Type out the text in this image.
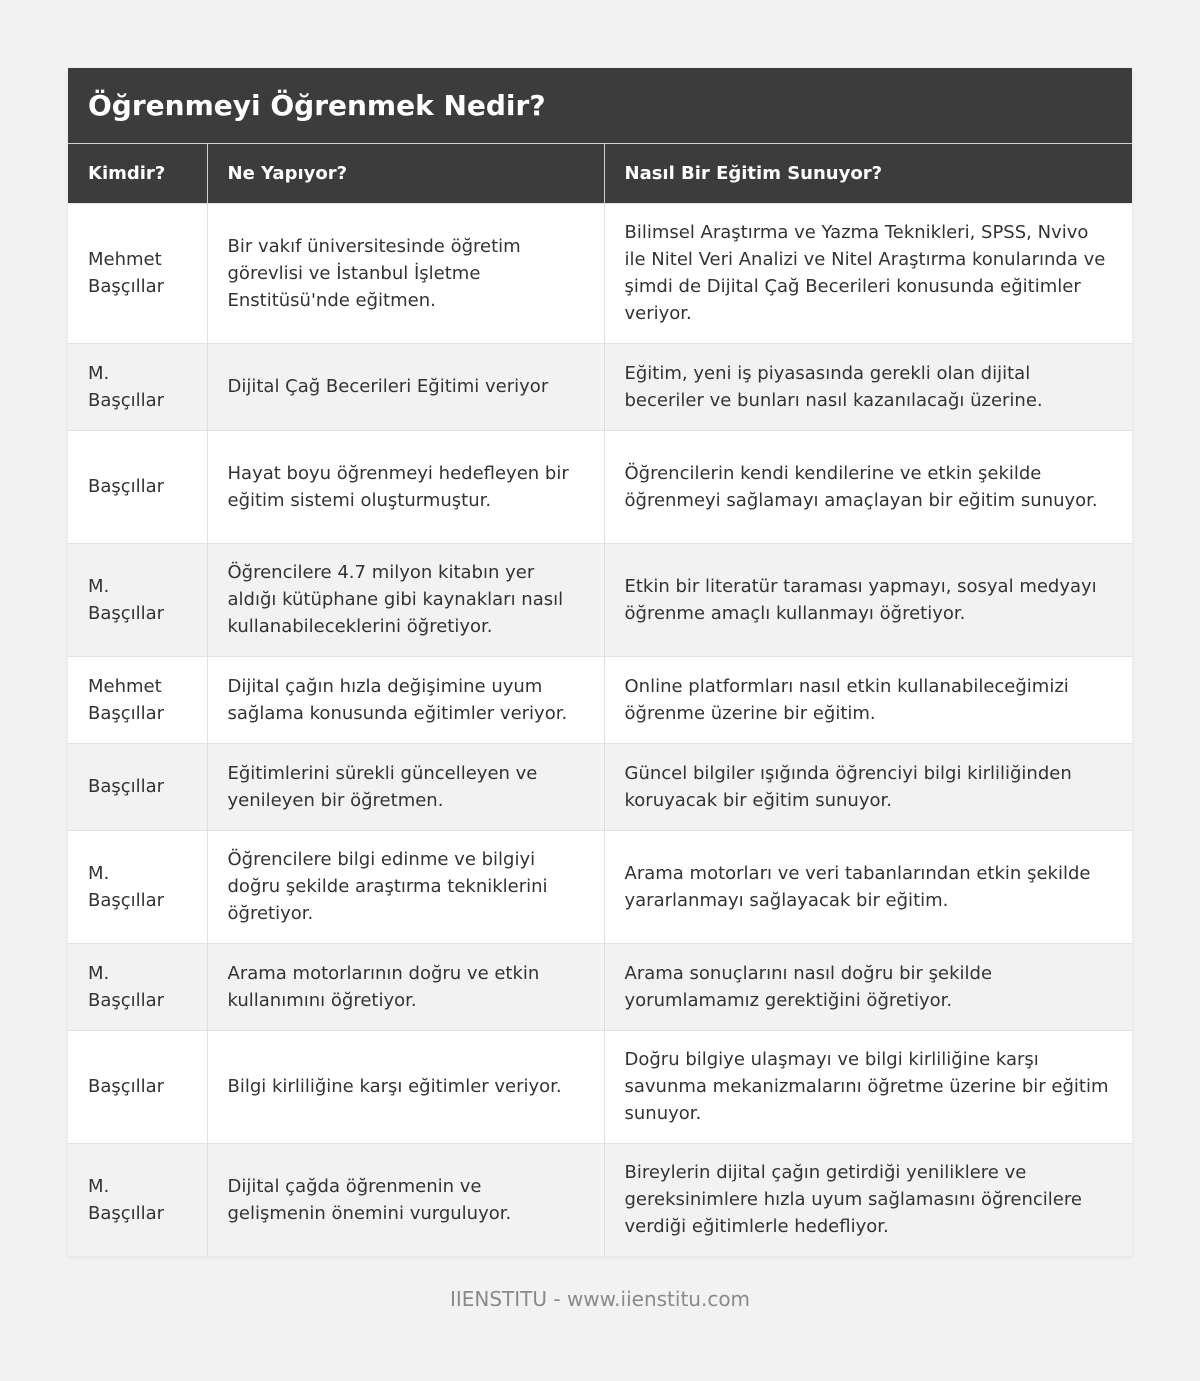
Öğrenmeyi Öğrenmek Nedir?
Kimdir?	Ne Yapıyor?	Nasıl Bir Eğitim Sunuyor?
Mehmet Başçıllar	Bir vakıf üniversitesinde öğretim görevlisi ve İstanbul İşletme Enstitüsü'nde eğitmen.	Bilimsel Araştırma ve Yazma Teknikleri, SPSS, Nvivo ile Nitel Veri Analizi ve Nitel Araştırma konularında ve şimdi de Dijital Çağ Becerileri konusunda eğitimler veriyor.
M. Başçıllar	Dijital Çağ Becerileri Eğitimi veriyor	Eğitim, yeni iş piyasasında gerekli olan dijital beceriler ve bunları nasıl kazanılacağı üzerine.
Başçıllar	Hayat boyu öğrenmeyi hedefleyen bir eğitim sistemi oluşturmuştur.	Öğrencilerin kendi kendilerine ve etkin şekilde öğrenmeyi sağlamayı amaçlayan bir eğitim sunuyor.
M. Başçıllar	Öğrencilere 4.7 milyon kitabın yer aldığı kütüphane gibi kaynakları nasıl kullanabileceklerini öğretiyor.	Etkin bir literatür taraması yapmayı, sosyal medyayı öğrenme amaçlı kullanmayı öğretiyor.
Mehmet Başçıllar	Dijital çağın hızla değişimine uyum sağlama konusunda eğitimler veriyor.	Online platformları nasıl etkin kullanabileceğimizi öğrenme üzerine bir eğitim.
Başçıllar	Eğitimlerini sürekli güncelleyen ve yenileyen bir öğretmen.	Güncel bilgiler ışığında öğrenciyi bilgi kirliliğinden koruyacak bir eğitim sunuyor.
M. Başçıllar	Öğrencilere bilgi edinme ve bilgiyi doğru şekilde araştırma tekniklerini öğretiyor.	Arama motorları ve veri tabanlarından etkin şekilde yararlanmayı sağlayacak bir eğitim.
M. Başçıllar	Arama motorlarının doğru ve etkin kullanımını öğretiyor.	Arama sonuçlarını nasıl doğru bir şekilde yorumlamamız gerektiğini öğretiyor.
Başçıllar	Bilgi kirliliğine karşı eğitimler veriyor.	Doğru bilgiye ulaşmayı ve bilgi kirliliğine karşı savunma mekanizmalarını öğretme üzerine bir eğitim sunuyor.
M. Başçıllar	Dijital çağda öğrenmenin ve gelişmenin önemini vurguluyor.	Bireylerin dijital çağın getirdiği yeniliklere ve gereksinimlere hızla uyum sağlamasını öğrencilere verdiği eğitimlerle hedefliyor.
IIENSTITU - www.iienstitu.com
